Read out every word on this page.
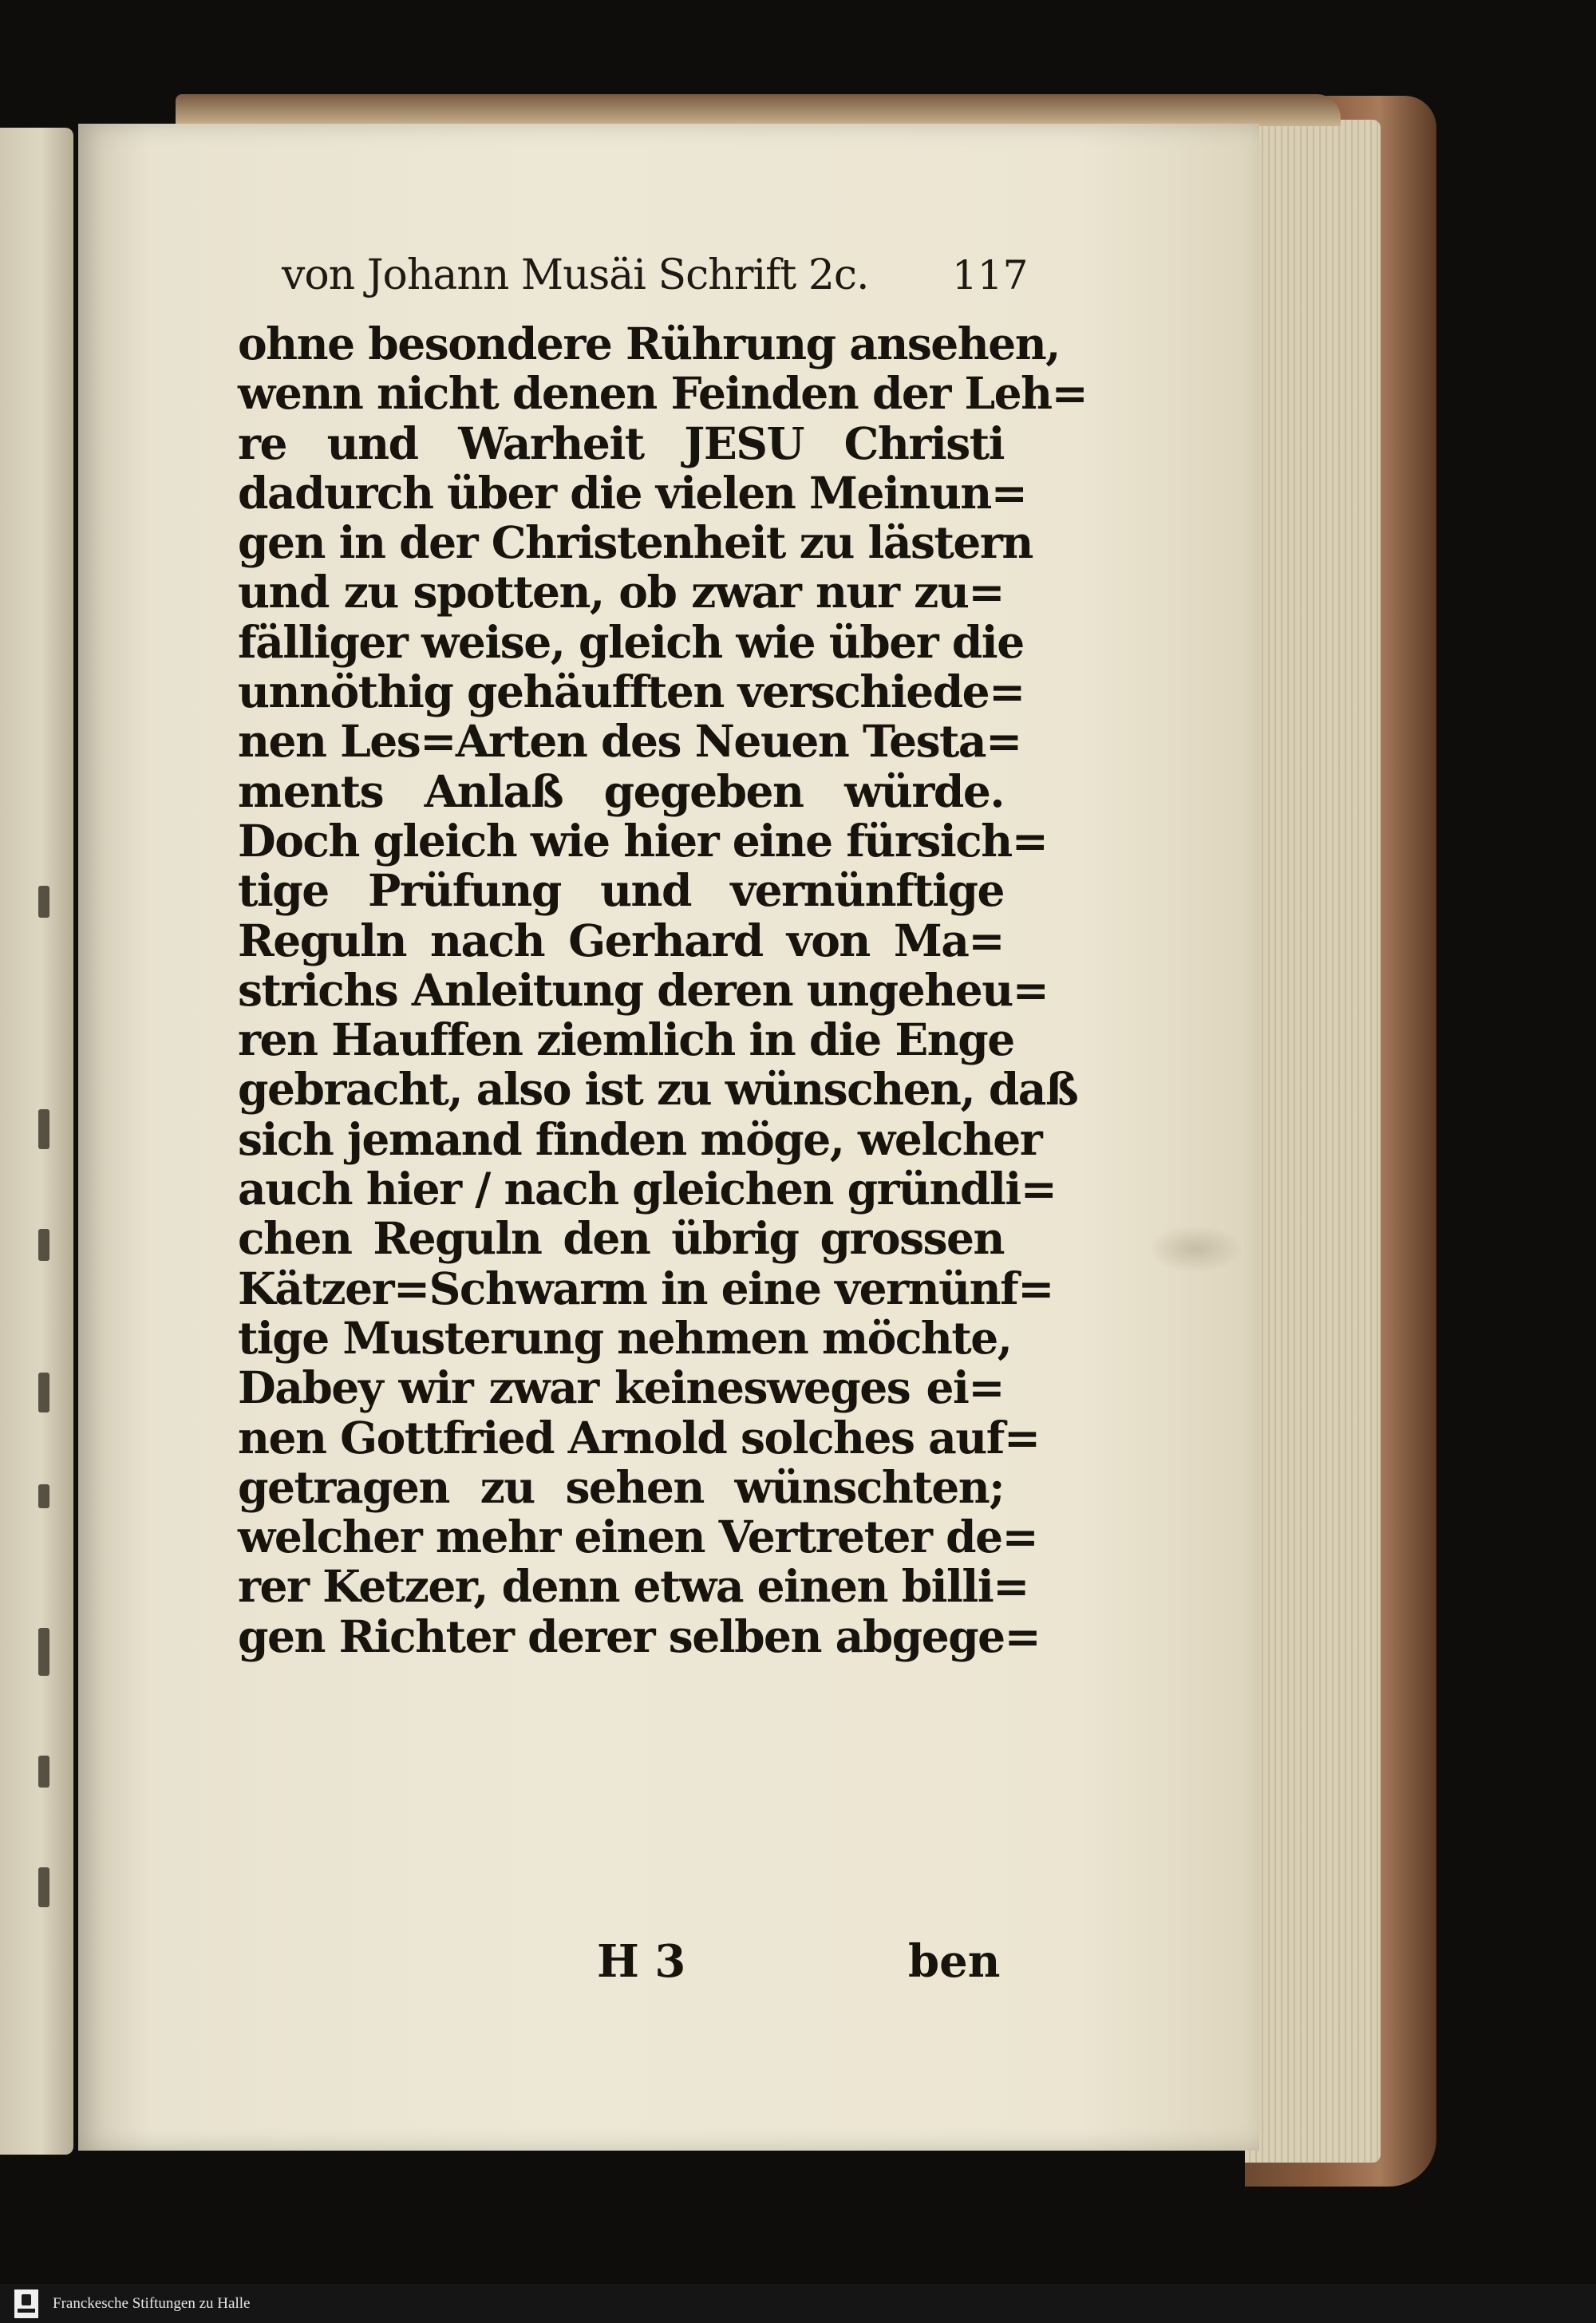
von Johann Musäi Schrift 2c.	117
ohne besondere Rührung ansehen,
wenn nicht denen Feinden der Leh=
re und Warheit JESU Christi
dadurch über die vielen Meinun=
gen in der Christenheit zu lästern
und zu spotten, ob zwar nur zu=
fälliger weise, gleich wie über die
unnöthig gehäufften verschiede=
nen Les=Arten des Neuen Testa=
ments Anlaß gegeben würde.
Doch gleich wie hier eine fürsich=
tige Prüfung und vernünftige
Reguln nach Gerhard von Ma=
strichs Anleitung deren ungeheu=
ren Hauffen ziemlich in die Enge
gebracht, also ist zu wünschen, daß
sich jemand finden möge, welcher
auch hier / nach gleichen gründli=
chen Reguln den übrig grossen
Kätzer=Schwarm in eine vernünf=
tige Musterung nehmen möchte,
Dabey wir zwar keinesweges ei=
nen Gottfried Arnold solches auf=
getragen zu sehen wünschten;
welcher mehr einen Vertreter de=
rer Ketzer, denn etwa einen billi=
gen Richter derer selben abgege=
H 3	ben
Franckesche Stiftungen zu Halle
